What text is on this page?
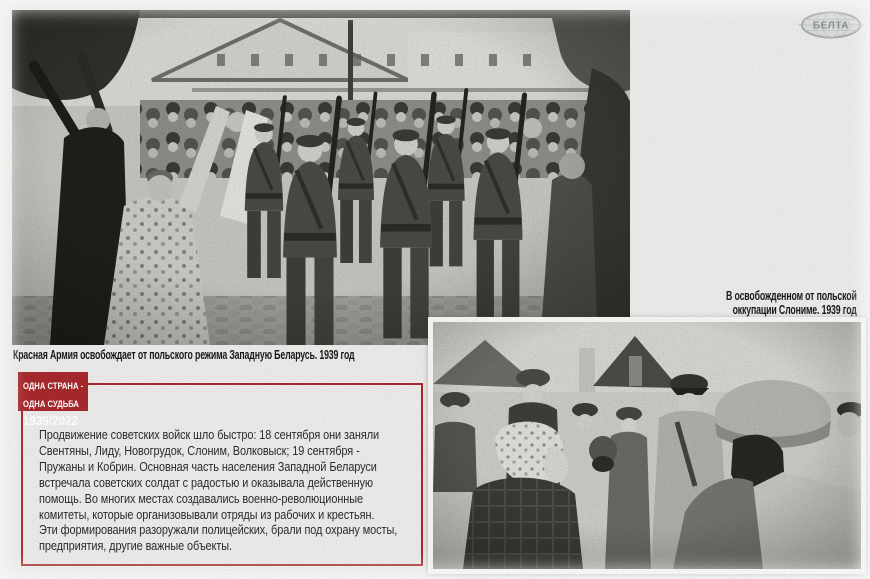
Красная Армия освобождает от польского режима Западную Беларусь. 1939 год
БЕЛТА
В освобожденном от польской
оккупации Слониме. 1939 год
Продвижение советских войск шло быстро: 18 сентября они заняли
Свентяны, Лиду, Новогрудок, Слоним, Волковыск; 19 сентября -
Пружаны и Кобрин. Основная часть населения Западной Беларуси
встречала советских солдат с радостью и оказывала действенную
помощь. Во многих местах создавались военно-революционные
комитеты, которые организовывали отряды из рабочих и крестьян.
Эти формирования разоружали полицейских, брали под охрану мосты,
предприятия, другие важные объекты.
ОДНА СТРАНА -
ОДНА СУДЬБА
1939/2022
